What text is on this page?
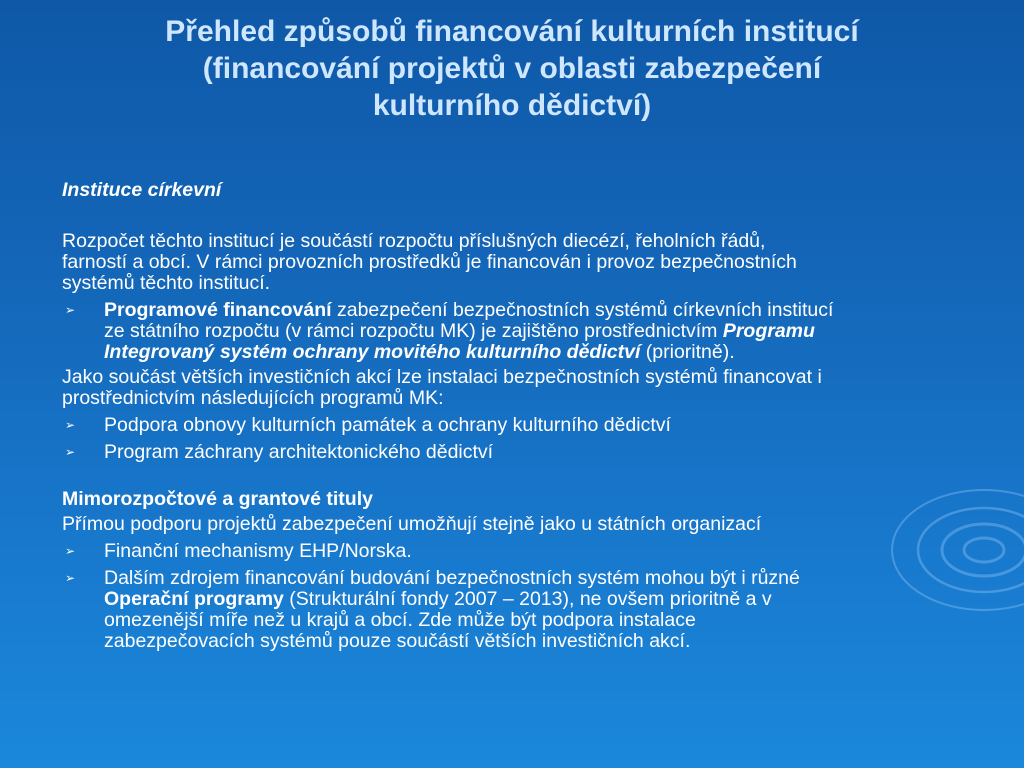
Přehled způsobů financování kulturních institucí
(financování projektů v oblasti zabezpečení
kulturního dědictví)
Instituce církevní
Rozpočet těchto institucí je součástí rozpočtu příslušných diecézí, řeholních řádů,
farností a obcí. V rámci provozních prostředků je financován i provoz bezpečnostních
systémů těchto institucí.
➢ Programové financování zabezpečení bezpečnostních systémů církevních institucí
ze státního rozpočtu (v rámci rozpočtu MK) je zajištěno prostřednictvím Programu
Integrovaný systém ochrany movitého kulturního dědictví (prioritně).
Jako součást větších investičních akcí lze instalaci bezpečnostních systémů financovat i
prostřednictvím následujících programů MK:
➢ Podpora obnovy kulturních památek a ochrany kulturního dědictví
➢ Program záchrany architektonického dědictví
Mimorozpočtové a grantové tituly
Přímou podporu projektů zabezpečení umožňují stejně jako u státních organizací
➢ Finanční mechanismy EHP/Norska.
➢ Dalším zdrojem financování budování bezpečnostních systém mohou být i různé
Operační programy (Strukturální fondy 2007 – 2013), ne ovšem prioritně a v
omezenější míře než u krajů a obcí. Zde může být podpora instalace
zabezpečovacích systémů pouze součástí větších investičních akcí.
